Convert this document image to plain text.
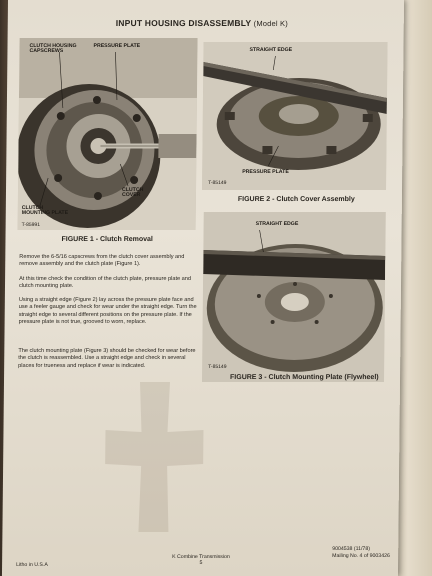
INPUT HOUSING DISASSEMBLY (Model K)
CLUTCH HOUSING CAPSCREWS
PRESSURE PLATE
CLUTCH COVER
CLUTCH MOUNTING PLATE
T-85991
FIGURE 1 - Clutch Removal
STRAIGHT EDGE
PRESSURE PLATE
T-85149
FIGURE 2 - Clutch Cover Assembly
STRAIGHT EDGE
T-85149
FIGURE 3 - Clutch Mounting Plate (Flywheel)
Remove the 6-5/16 capscrews from the clutch cover assembly and remove assembly and the clutch plate (Figure 1).
At this time check the condition of the clutch plate, pressure plate and clutch mounting plate.
Using a straight edge (Figure 2) lay across the pressure plate face and use a feeler gauge and check for wear under the straight edge. Turn the straight edge to several different positions on the pressure plate. If the pressure plate is not true, grooved to worn, replace.
The clutch mounting plate (Figure 3) should be checked for wear before the clutch is reassembled. Use a straight edge and check in several places for trueness and replace if wear is indicated.
Litho in U.S.A
K Combine Transmission
5
9004538 (11/78)
Mailing No. 4 of 9003426
